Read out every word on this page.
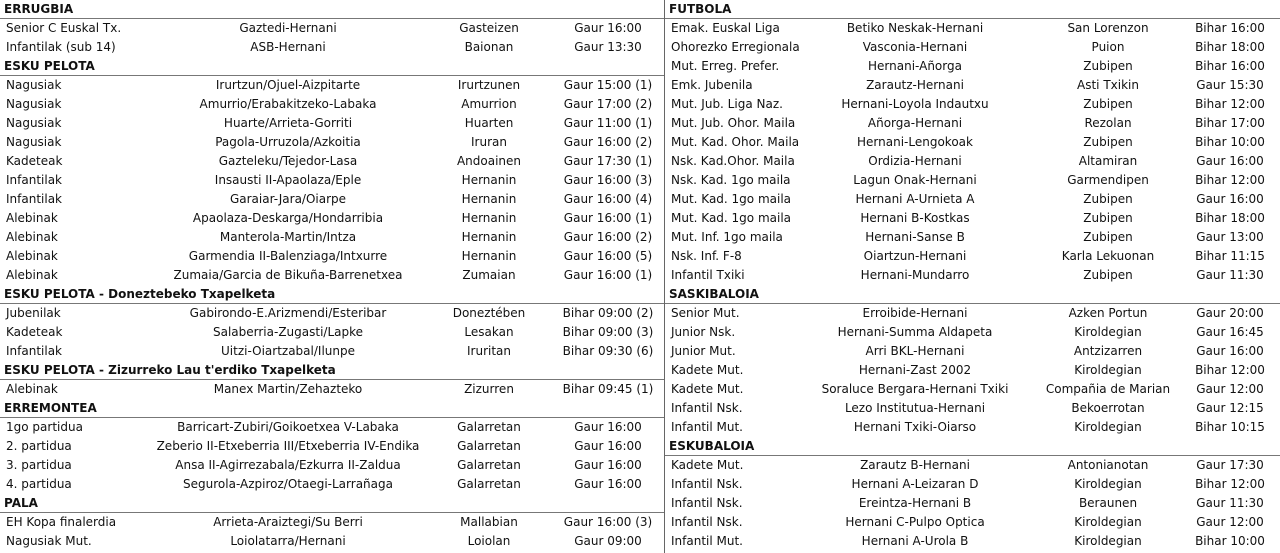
ERRUGBIA
Senior C Euskal Tx.	Gaztedi-Hernani	Gasteizen	Gaur 16:00
Infantilak (sub 14)	ASB-Hernani	Baionan	Gaur 13:30
ESKU PELOTA
Nagusiak	Irurtzun/Ojuel-Aizpitarte	Irurtzunen	Gaur 15:00 (1)
Nagusiak	Amurrio/Erabakitzeko-Labaka	Amurrion	Gaur 17:00 (2)
Nagusiak	Huarte/Arrieta-Gorriti	Huarten	Gaur 11:00 (1)
Nagusiak	Pagola-Urruzola/Azkoitia	Iruran	Gaur 16:00 (2)
Kadeteak	Gazteleku/Tejedor-Lasa	Andoainen	Gaur 17:30 (1)
Infantilak	Insausti II-Apaolaza/Eple	Hernanin	Gaur 16:00 (3)
Infantilak	Garaiar-Jara/Oiarpe	Hernanin	Gaur 16:00 (4)
Alebinak	Apaolaza-Deskarga/Hondarribia	Hernanin	Gaur 16:00 (1)
Alebinak	Manterola-Martin/Intza	Hernanin	Gaur 16:00 (2)
Alebinak	Garmendia II-Balenziaga/Intxurre	Hernanin	Gaur 16:00 (5)
Alebinak	Zumaia/Garcia de Bikuña-Barrenetxea	Zumaian	Gaur 16:00 (1)
ESKU PELOTA - Doneztebeko Txapelketa
Jubenilak	Gabirondo-E.Arizmendi/Esteribar	Doneztében	Bihar 09:00 (2)
Kadeteak	Salaberria-Zugasti/Lapke	Lesakan	Bihar 09:00 (3)
Infantilak	Uitzi-Oiartzabal/Ilunpe	Iruritan	Bihar 09:30 (6)
ESKU PELOTA - Zizurreko Lau t'erdiko Txapelketa
Alebinak	Manex Martin/Zehazteko	Zizurren	Bihar 09:45 (1)
ERREMONTEA
1go partidua	Barricart-Zubiri/Goikoetxea V-Labaka	Galarretan	Gaur 16:00
2. partidua	Zeberio II-Etxeberria III/Etxeberria IV-Endika	Galarretan	Gaur 16:00
3. partidua	Ansa II-Agirrezabala/Ezkurra II-Zaldua	Galarretan	Gaur 16:00
4. partidua	Segurola-Azpiroz/Otaegi-Larrañaga	Galarretan	Gaur 16:00
PALA
EH Kopa finalerdia	Arrieta-Araiztegi/Su Berri	Mallabian	Gaur 16:00 (3)
Nagusiak Mut.	Loiolatarra/Hernani	Loiolan	Gaur 09:00
FUTBOLA
Emak. Euskal Liga	Betiko Neskak-Hernani	San Lorenzon	Bihar 16:00
Ohorezko Erregionala	Vasconia-Hernani	Puion	Bihar 18:00
Mut. Erreg. Prefer.	Hernani-Añorga	Zubipen	Bihar 16:00
Emk. Jubenila	Zarautz-Hernani	Asti Txikin	Gaur 15:30
Mut. Jub. Liga Naz.	Hernani-Loyola Indautxu	Zubipen	Bihar 12:00
Mut. Jub. Ohor. Maila	Añorga-Hernani	Rezolan	Bihar 17:00
Mut. Kad. Ohor. Maila	Hernani-Lengokoak	Zubipen	Bihar 10:00
Nsk. Kad.Ohor. Maila	Ordizia-Hernani	Altamiran	Gaur 16:00
Nsk. Kad. 1go maila	Lagun Onak-Hernani	Garmendipen	Bihar 12:00
Mut. Kad. 1go maila	Hernani A-Urnieta A	Zubipen	Gaur 16:00
Mut. Kad. 1go maila	Hernani B-Kostkas	Zubipen	Bihar 18:00
Mut. Inf. 1go maila	Hernani-Sanse B	Zubipen	Gaur 13:00
Nsk. Inf. F-8	Oiartzun-Hernani	Karla Lekuonan	Bihar 11:15
Infantil Txiki	Hernani-Mundarro	Zubipen	Gaur 11:30
SASKIBALOIA
Senior Mut.	Erroibide-Hernani	Azken Portun	Gaur 20:00
Junior Nsk.	Hernani-Summa Aldapeta	Kiroldegian	Gaur 16:45
Junior Mut.	Arri BKL-Hernani	Antzizarren	Gaur 16:00
Kadete Mut.	Hernani-Zast 2002	Kiroldegian	Bihar 12:00
Kadete Mut.	Soraluce Bergara-Hernani Txiki	Compañia de Marian Gaur 12:00
Infantil Nsk.	Lezo Institutua-Hernani	Bekoerrotan	Gaur 12:15
Infantil Mut.	Hernani Txiki-Oiarso	Kiroldegian	Bihar 10:15
ESKUBALOIA
Kadete Mut.	Zarautz B-Hernani	Antonianotan	Gaur 17:30
Infantil Nsk.	Hernani A-Leizaran D	Kiroldegian	Bihar 12:00
Infantil Nsk.	Ereintza-Hernani B	Beraunen	Gaur 11:30
Infantil Nsk.	Hernani C-Pulpo Optica	Kiroldegian	Gaur 12:00
Infantil Mut.	Hernani A-Urola B	Kiroldegian	Bihar 10:00
